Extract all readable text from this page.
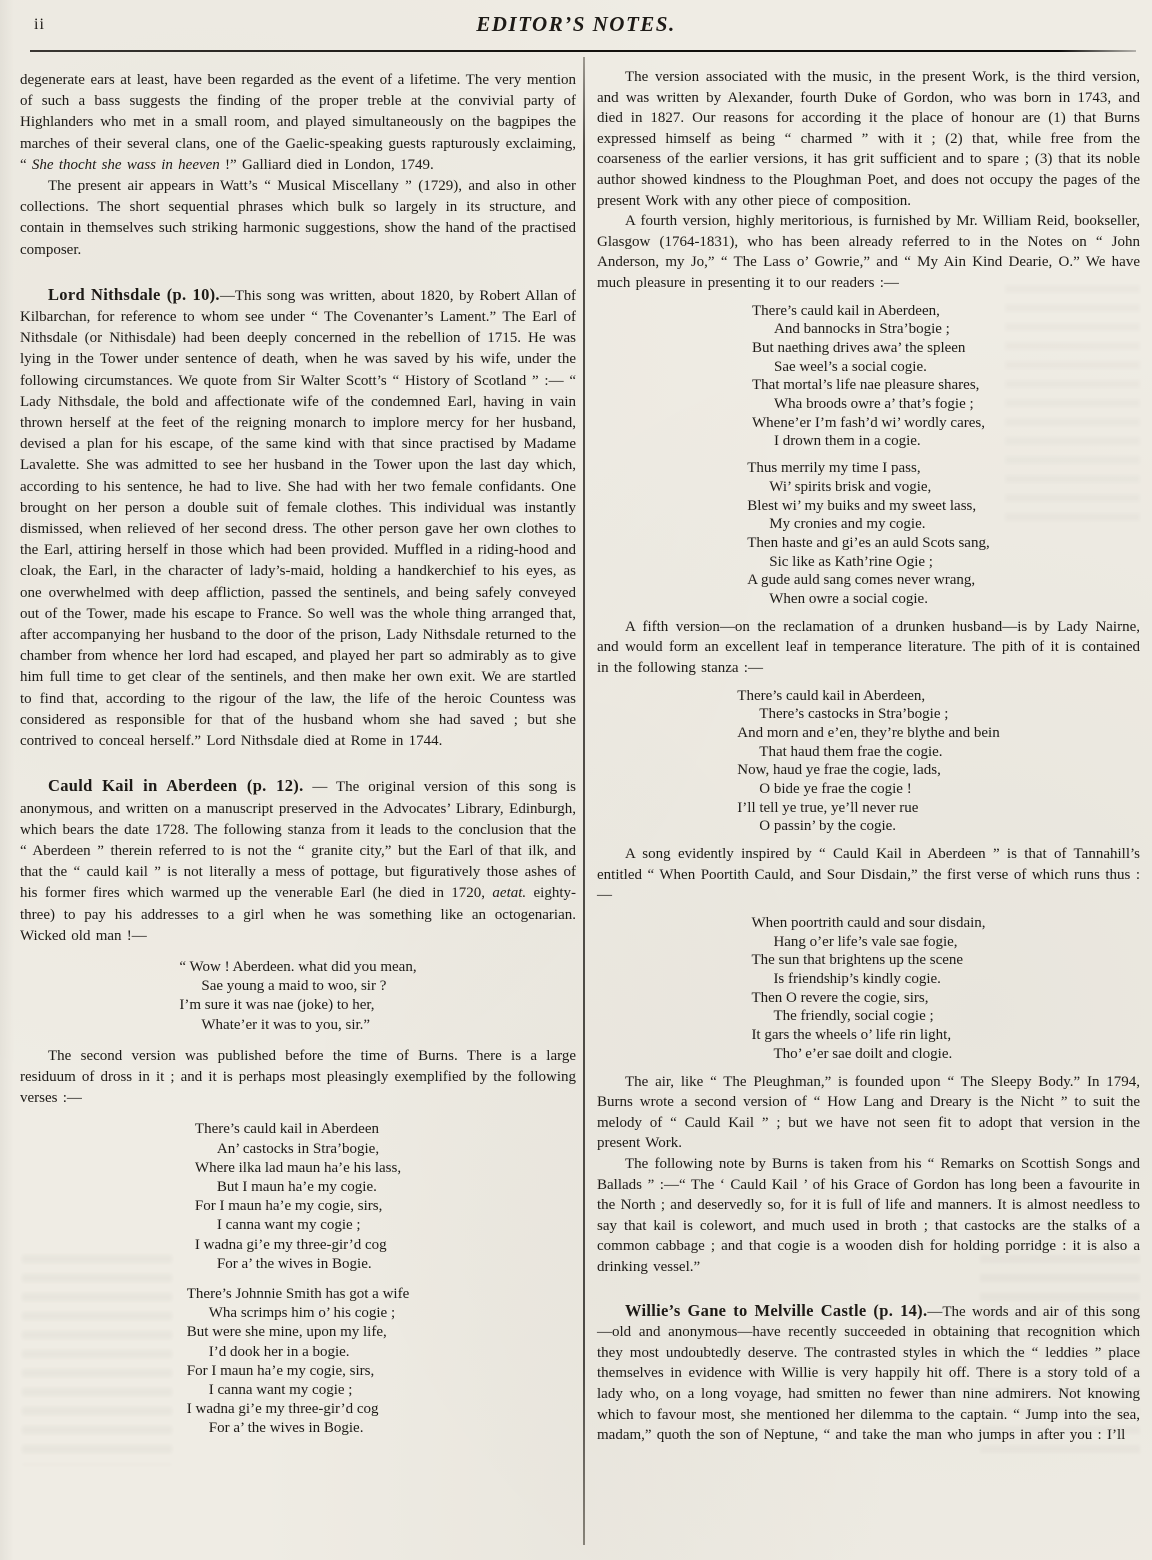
ii	EDITOR’S NOTES.

degenerate ears at least, have been regarded as the event of a lifetime. The very mention of such a bass suggests the finding of the proper treble at the convivial party of Highlanders who met in a small room, and played simultaneously on the bagpipes the marches of their several clans, one of the Gaelic-speaking guests rapturously exclaiming, “ She thocht she wass in heeven !” Galliard died in London, 1749.

The present air appears in Watt’s “ Musical Miscellany ” (1729), and also in other collections. The short sequential phrases which bulk so largely in its structure, and contain in themselves such striking harmonic suggestions, show the hand of the practised composer.

Lord Nithsdale (p. 10).—This song was written, about 1820, by Robert Allan of Kilbarchan, for reference to whom see under “ The Covenanter’s Lament.” The Earl of Nithsdale (or Nithisdale) had been deeply concerned in the rebellion of 1715. He was lying in the Tower under sentence of death, when he was saved by his wife, under the following circumstances. We quote from Sir Walter Scott’s “ History of Scotland ” :— “ Lady Nithsdale, the bold and affectionate wife of the condemned Earl, having in vain thrown herself at the feet of the reigning monarch to implore mercy for her husband, devised a plan for his escape, of the same kind with that since practised by Madame Lavalette. She was admitted to see her husband in the Tower upon the last day which, according to his sentence, he had to live. She had with her two female confidants. One brought on her person a double suit of female clothes. This individual was instantly dismissed, when relieved of her second dress. The other person gave her own clothes to the Earl, attiring herself in those which had been provided. Muffled in a riding-hood and cloak, the Earl, in the character of lady’s-maid, holding a handkerchief to his eyes, as one overwhelmed with deep affliction, passed the sentinels, and being safely conveyed out of the Tower, made his escape to France. So well was the whole thing arranged that, after accompanying her husband to the door of the prison, Lady Nithsdale returned to the chamber from whence her lord had escaped, and played her part so admirably as to give him full time to get clear of the sentinels, and then make her own exit. We are startled to find that, according to the rigour of the law, the life of the heroic Countess was considered as responsible for that of the husband whom she had saved ; but she contrived to conceal herself.” Lord Nithsdale died at Rome in 1744.

Cauld Kail in Aberdeen (p. 12). — The original version of this song is anonymous, and written on a manuscript preserved in the Advocates’ Library, Edinburgh, which bears the date 1728. The following stanza from it leads to the conclusion that the “ Aberdeen ” therein referred to is not the “ granite city,” but the Earl of that ilk, and that the “ cauld kail ” is not literally a mess of pottage, but figuratively those ashes of his former fires which warmed up the venerable Earl (he died in 1720, aetat. eighty-three) to pay his addresses to a girl when he was something like an octogenarian. Wicked old man !—

“ Wow ! Aberdeen. what did you mean,
Sae young a maid to woo, sir ?
I’m sure it was nae (joke) to her,
Whate’er it was to you, sir.”

The second version was published before the time of Burns. There is a large residuum of dross in it ; and it is perhaps most pleasingly exemplified by the following verses :—

There’s cauld kail in Aberdeen
An’ castocks in Stra’bogie,
Where ilka lad maun ha’e his lass,
But I maun ha’e my cogie.
For I maun ha’e my cogie, sirs,
I canna want my cogie ;
I wadna gi’e my three-gir’d cog
For a’ the wives in Bogie.
There’s Johnnie Smith has got a wife
Wha scrimps him o’ his cogie ;
But were she mine, upon my life,
I’d dook her in a bogie.
For I maun ha’e my cogie, sirs,
I canna want my cogie ;
I wadna gi’e my three-gir’d cog
For a’ the wives in Bogie.

The version associated with the music, in the present Work, is the third version, and was written by Alexander, fourth Duke of Gordon, who was born in 1743, and died in 1827. Our reasons for according it the place of honour are (1) that Burns expressed himself as being “ charmed ” with it ; (2) that, while free from the coarseness of the earlier versions, it has grit sufficient and to spare ; (3) that its noble author showed kindness to the Ploughman Poet, and does not occupy the pages of the present Work with any other piece of composition.

A fourth version, highly meritorious, is furnished by Mr. William Reid, bookseller, Glasgow (1764-1831), who has been already referred to in the Notes on “ John Anderson, my Jo,” “ The Lass o’ Gowrie,” and “ My Ain Kind Dearie, O.” We have much pleasure in presenting it to our readers :—

There’s cauld kail in Aberdeen,
And bannocks in Stra’bogie ;
But naething drives awa’ the spleen
Sae weel’s a social cogie.
That mortal’s life nae pleasure shares,
Wha broods owre a’ that’s fogie ;
Whene’er I’m fash’d wi’ wordly cares,
I drown them in a cogie.
Thus merrily my time I pass,
Wi’ spirits brisk and vogie,
Blest wi’ my buiks and my sweet lass,
My cronies and my cogie.
Then haste and gi’es an auld Scots sang,
Sic like as Kath’rine Ogie ;
A gude auld sang comes never wrang,
When owre a social cogie.

A fifth version—on the reclamation of a drunken husband—is by Lady Nairne, and would form an excellent leaf in temperance literature. The pith of it is contained in the following stanza :—

There’s cauld kail in Aberdeen,
There’s castocks in Stra’bogie ;
And morn and e’en, they’re blythe and bein
That haud them frae the cogie.
Now, haud ye frae the cogie, lads,
O bide ye frae the cogie !
I’ll tell ye true, ye’ll never rue
O passin’ by the cogie.

A song evidently inspired by “ Cauld Kail in Aberdeen ” is that of Tannahill’s entitled “ When Poortith Cauld, and Sour Disdain,” the first verse of which runs thus :—

When poortrith cauld and sour disdain,
Hang o’er life’s vale sae fogie,
The sun that brightens up the scene
Is friendship’s kindly cogie.
Then O revere the cogie, sirs,
The friendly, social cogie ;
It gars the wheels o’ life rin light,
Tho’ e’er sae doilt and clogie.

The air, like “ The Pleughman,” is founded upon “ The Sleepy Body.” In 1794, Burns wrote a second version of “ How Lang and Dreary is the Nicht ” to suit the melody of “ Cauld Kail ” ; but we have not seen fit to adopt that version in the present Work.

The following note by Burns is taken from his “ Remarks on Scottish Songs and Ballads ” :—“ The ‘ Cauld Kail ’ of his Grace of Gordon has long been a favourite in the North ; and deservedly so, for it is full of life and manners. It is almost needless to say that kail is colewort, and much used in broth ; that castocks are the stalks of a common cabbage ; and that cogie is a wooden dish for holding porridge : it is also a drinking vessel.”

Willie’s Gane to Melville Castle (p. 14).—The words and air of this song—old and anonymous—have recently succeeded in obtaining that recognition which they most undoubtedly deserve. The contrasted styles in which the “ leddies ” place themselves in evidence with Willie is very happily hit off. There is a story told of a lady who, on a long voyage, had smitten no fewer than nine admirers. Not knowing which to favour most, she mentioned her dilemma to the captain. “ Jump into the sea, madam,” quoth the son of Neptune, “ and take the man who jumps in after you : I’ll
